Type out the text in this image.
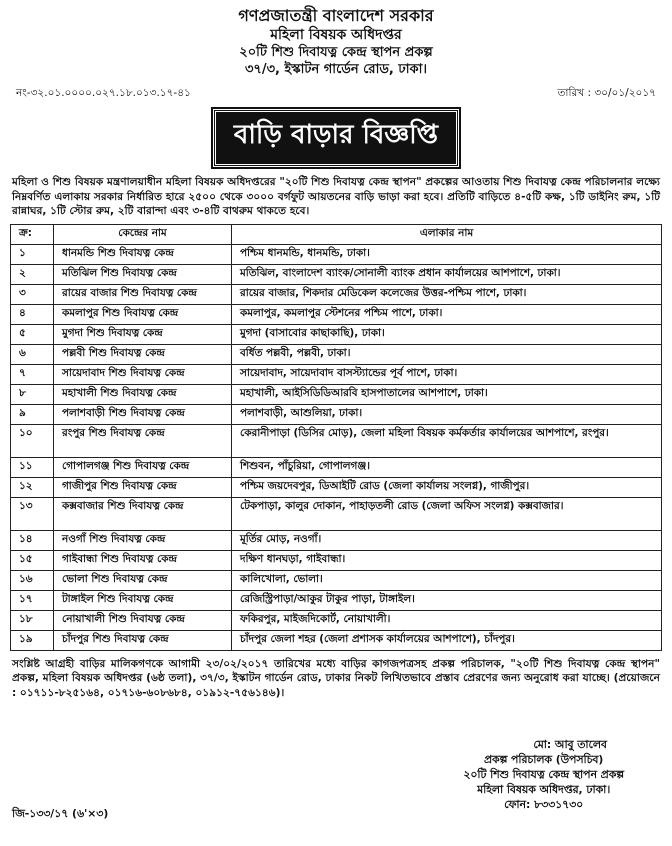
গণপ্রজাতন্ত্রী বাংলাদেশ সরকার
মহিলা বিষয়ক অধিদপ্তর
২০টি শিশু দিবাযত্ন কেন্দ্র স্থাপন প্রকল্প
৩৭/৩, ইস্কাটন গার্ডেন রোড, ঢাকা।
নং-৩২.০১.০০০০.০২৭.১৮.০১৩.১৭-৪১	তারিখ : ৩০/০১/২০১৭
বাড়ি বাড়ার বিজ্ঞপ্তি
মহিলা ও শিশু বিষয়ক মন্ত্রণালয়াধীন মহিলা বিষয়ক অধিদপ্তরের "২০টি শিশু দিবাযত্ন কেন্দ্র স্থাপন" প্রকল্পের আওতায় শিশু দিবাযত্ন কেন্দ্র পরিচালনার লক্ষ্যে নিম্নবর্ণিত এলাকায় সরকার নির্ধারিত হারে ২৫০০ থেকে ৩০০০ বর্গফুট আয়তনের বাড়ি ভাড়া করা হবে। প্রতিটি বাড়িতে ৪-৫টি কক্ষ, ১টি ডাইনিং রুম, ১টি রান্নাঘর, ১টি স্টোর রুম, ২টি বারান্দা এবং ৩-৪টি বাথরুম থাকতে হবে।
ক্র:	কেন্দ্রের নাম	এলাকার নাম
১	ধানমন্ডি শিশু দিবাযত্ন কেন্দ্র	পশ্চিম ধানমন্ডি, ধানমন্ডি, ঢাকা।
২	মতিঝিল শিশু দিবাযত্ন কেন্দ্র	মতিঝিল, বাংলাদেশ ব্যাংক/সোনালী ব্যাংক প্রধান কার্যালয়ের আশপাশে, ঢাকা।
৩	রায়ের বাজার শিশু দিবাযত্ন কেন্দ্র	রায়ের বাজার, শিকদার মেডিকেল কলেজের উত্তর-পশ্চিম পাশে, ঢাকা।
৪	কমলাপুর শিশু দিবাযত্ন কেন্দ্র	কমলাপুর, কমলাপুর স্টেশনের পশ্চিম পাশে, ঢাকা।
৫	মুগদা শিশু দিবাযত্ন কেন্দ্র	মুগদা (বাসাবোর কাছাকাছি), ঢাকা।
৬	পল্লবী শিশু দিবাযত্ন কেন্দ্র	বর্ধিত পল্লবী, পল্লবী, ঢাকা।
৭	সায়েদাবাদ শিশু দিবাযত্ন কেন্দ্র	সায়েদাবাদ, সায়েদাবাদ বাসস্ট্যান্ডের পূর্ব পাশে, ঢাকা।
৮	মহাখালী শিশু দিবাযত্ন কেন্দ্র	মহাখালী, আইসিডিডিআরবি হাসপাতালের আশপাশে, ঢাকা।
৯	পলাশবাড়ী শিশু দিবাযত্ন কেন্দ্র	পলাশবাড়ী, আশুলিয়া, ঢাকা।
১০	রংপুর শিশু দিবাযত্ন কেন্দ্র	কেরানীপাড়া (ডিসির মোড়), জেলা মহিলা বিষয়ক কর্মকর্তার কার্যালয়ের আশপাশে, রংপুর।
১১	গোপালগঞ্জ শিশু দিবাযত্ন কেন্দ্র	শিশুবন, পাঁচুরিয়া, গোপালগঞ্জ।
১২	গাজীপুর শিশু দিবাযত্ন কেন্দ্র	পশ্চিম জয়দেবপুর, ডিআইটি রোড (জেলা কার্যালয় সংলগ্ন), গাজীপুর।
১৩	কক্সবাজার শিশু দিবাযত্ন কেন্দ্র	টেকপাড়া, কালুর দোকান, পাহাড়তলী রোড (জেলা অফিস সংলগ্ন) কক্সবাজার।
১৪	নওগাঁ শিশু দিবাযত্ন কেন্দ্র	মূর্তির মোড়, নওগাঁ।
১৫	গাইবান্ধা শিশু দিবাযত্ন কেন্দ্র	দক্ষিণ ধানঘড়া, গাইবান্ধা।
১৬	ভোলা শিশু দিবাযত্ন কেন্দ্র	কালিখোলা, ভোলা।
১৭	টাঙ্গাইল শিশু দিবাযত্ন কেন্দ্র	রেজিস্ট্রিপাড়া/আকুর টাকুর পাড়া, টাঙ্গাইল।
১৮	নোয়াখালী শিশু দিবাযত্ন কেন্দ্র	ফকিরপুর, মাইজদিকোর্ট, নোয়াখালী।
১৯	চাঁদপুর শিশু দিবাযত্ন কেন্দ্র	চাঁদপুর জেলা শহর (জেলা প্রশাসক কার্যালয়ের আশপাশে), চাঁদপুর।
সংশ্লিষ্ট আগ্রহী বাড়ির মালিকগণকে আগামী ২৩/০২/২০১৭ তারিখের মধ্যে বাড়ির কাগজপত্রসহ প্রকল্প পরিচালক, "২০টি শিশু দিবাযত্ন কেন্দ্র স্থাপন" প্রকল্প, মহিলা বিষয়ক অধিদপ্তর (৬ষ্ঠ তলা), ৩৭/৩, ইস্কাটন গার্ডেন রোড, ঢাকার নিকট লিখিতভাবে প্রস্তাব প্রেরণের জন্য অনুরোধ করা যাচ্ছে। (প্রয়োজনে : ০১৭১১-৮২৫১৬৪, ০১৭১৬-৬০৮৬৮৪, ০১৯১২-৭৫৬১৪৬)।
মো: আবু তালেব
প্রকল্প পরিচালক (উপসচিব)
২০টি শিশু দিবাযত্ন কেন্দ্র স্থাপন প্রকল্প
মহিলা বিষয়ক অধিদপ্তর, ঢাকা।
ফোন: ৮৩৩১৭৩০
জি-১৩৩/১৭ (৬'×৩)
